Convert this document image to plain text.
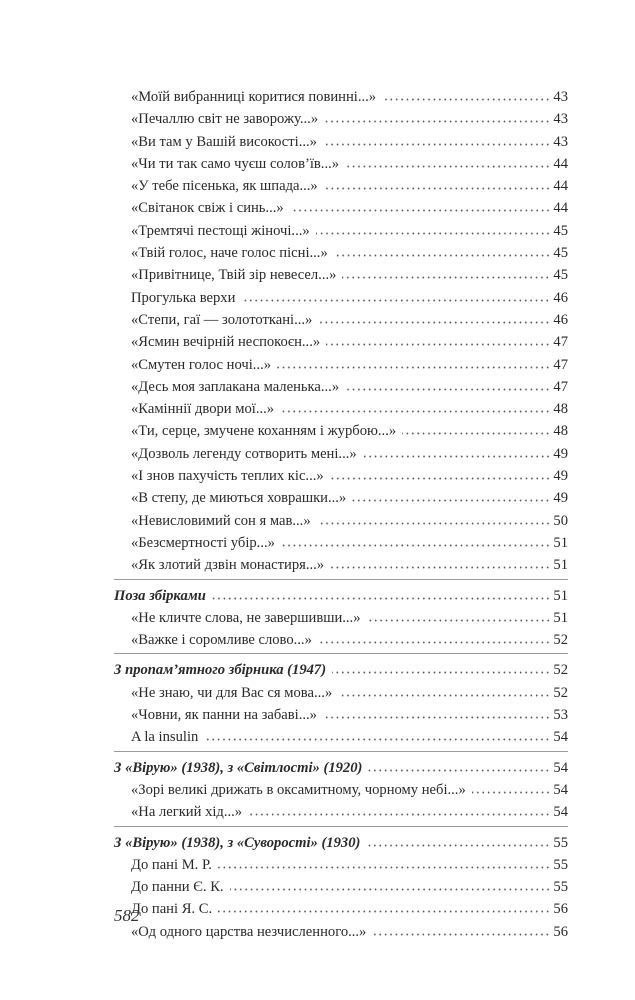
«Моїй вибранниці коритися повинні...»	43
«Печаллю світ не заворожу...»	43
«Ви там у Вашій високості...»	43
«Чи ти так само чуєш солов’їв...»	44
«У тебе пісенька, як шпада...»	44
«Світанок свіж і синь...»	44
«Тремтячі пестощі жіночі...»	45
«Твій голос, наче голос пісні...»	45
«Привітнице, Твій зір невесел...»	45
Прогулька верхи	46
«Степи, гаї — золототкані...»	46
«Ясмин вечірній неспокоєн...»	47
«Смутен голос ночі...»	47
«Десь моя заплакана маленька...»	47
«Каміннії двори мої...»	48
«Ти, серце, змучене коханням і журбою...»	48
«Дозволь легенду сотворить мені...»	49
«І знов пахучість теплих кіс...»	49
«В степу, де миються ховрашки...»	49
«Невисловимий сон я мав...»	50
«Безсмертності убір...»	51
«Як злотий дзвін монастиря...»	51
Поза збірками	51
«Не кличте слова, не завершивши...»	51
«Важке і соромливе слово...»	52
З пропам’ятного збірника (1947)	52
«Не знаю, чи для Вас ся мова...»	52
«Човни, як панни на забаві...»	53
A la insulin	54
З «Вірую» (1938), з «Світлості» (1920)	54
«Зорі великі дрижать в оксамитному, чорному небі...»	54
«На легкий хід...»	54
З «Вірую» (1938), з «Суворості» (1930)	55
До пані М. Р.	55
До панни Є. К.	55
До пані Я. С.	56
«Од одного царства незчисленного...»	56
582
